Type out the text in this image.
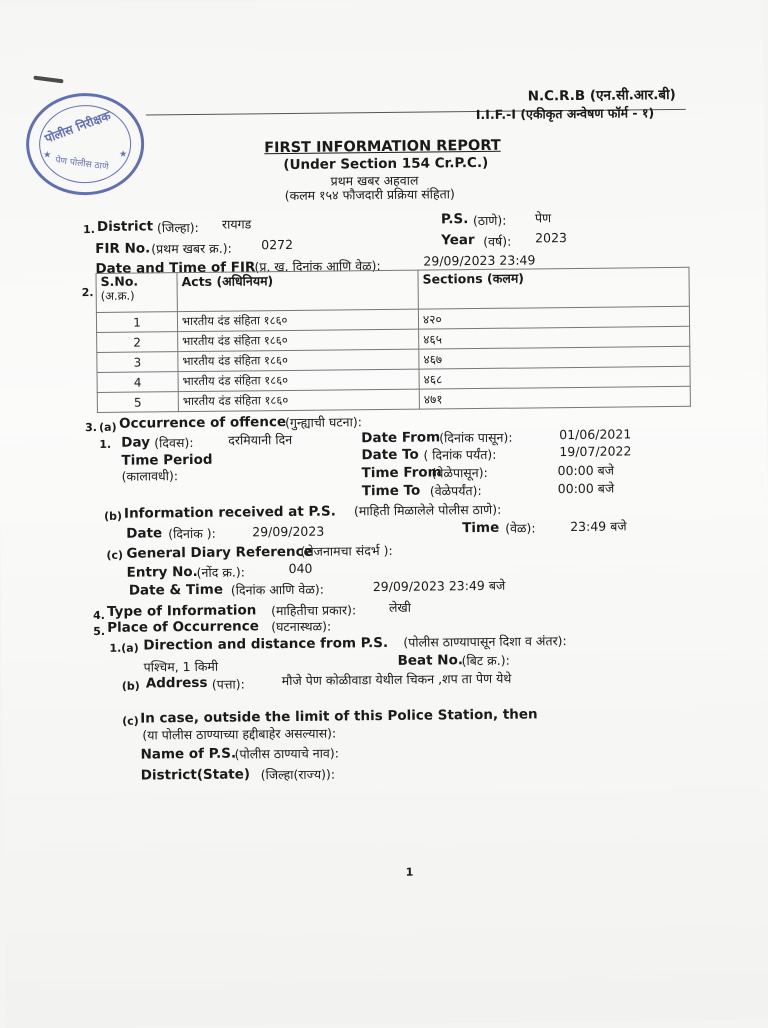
पोलीस निरीक्षक
★	★
पेण पोलीस ठाणे
N.C.R.B (एन.सी.आर.बी)
I.I.F.-I (एकीकृत अन्वेषण फॉर्म - १)
FIRST INFORMATION REPORT
(Under Section 154 Cr.P.C.)
प्रथम खबर अहवाल
(कलम १५४ फौजदारी प्रक्रिया संहिता)
1. District (जिल्हा): रायगड	P.S. (ठाणे): पेण
FIR No. (प्रथम खबर क्र.): 0272	Year (वर्ष): 2023
Date and Time of FIR
(प्र. ख. दिनांक आणि वेळ):	29/09/2023 23:49
2.
S.No.
(अ.क्र.)	Acts (अधिनियम)	Sections (कलम)
1	भारतीय दंड संहिता १८६०	४२०
2	भारतीय दंड संहिता १८६०	४६५
3	भारतीय दंड संहिता १८६०	४६७
4	भारतीय दंड संहिता १८६०	४६८
5	भारतीय दंड संहिता १८६०	४७१
3. (a) Occurrence of offence
(गुन्ह्याची घटना):
1. Day (दिवस):	दरमियानी दिन	Date From
(दिनांक पासून):	01/06/2021
Time Period
(कालावधी):
Date To ( दिनांक पर्यंत):	19/07/2022
Time From
(वेळेपासून):	00:00 बजे
Time To (वेळेपर्यंत):	00:00 बजे
(b) Information received at P.S. (माहिती मिळालेले पोलीस ठाणे):
Date (दिनांक ):	29/09/2023	Time (वेळ):	23:49 बजे
(c) General Diary Reference
(रोजनामचा संदर्भ ):
Entry No.
(नोंद क्र.):	040
Date & Time (दिनांक आणि वेळ):	29/09/2023 23:49 बजे
4. Type of Information (माहितीचा प्रकार):	लेखी
5. Place of Occurrence (घटनास्थळ):
1.(a) Direction and distance from P.S. (पोलीस ठाण्यापासून दिशा व अंतर):
पश्चिम, 1 किमी	Beat No.
(बिट क्र.):
(b) Address (पत्ता):	मौजे पेण कोळीवाडा येथील चिकन ,शप ता पेण येथे
(c) In case, outside the limit of this Police Station, then
(या पोलीस ठाण्याच्या हद्दीबाहेर असल्यास):
Name of P.S.
(पोलीस ठाण्याचे नाव):
District(State) (जिल्हा(राज्य)):
1
